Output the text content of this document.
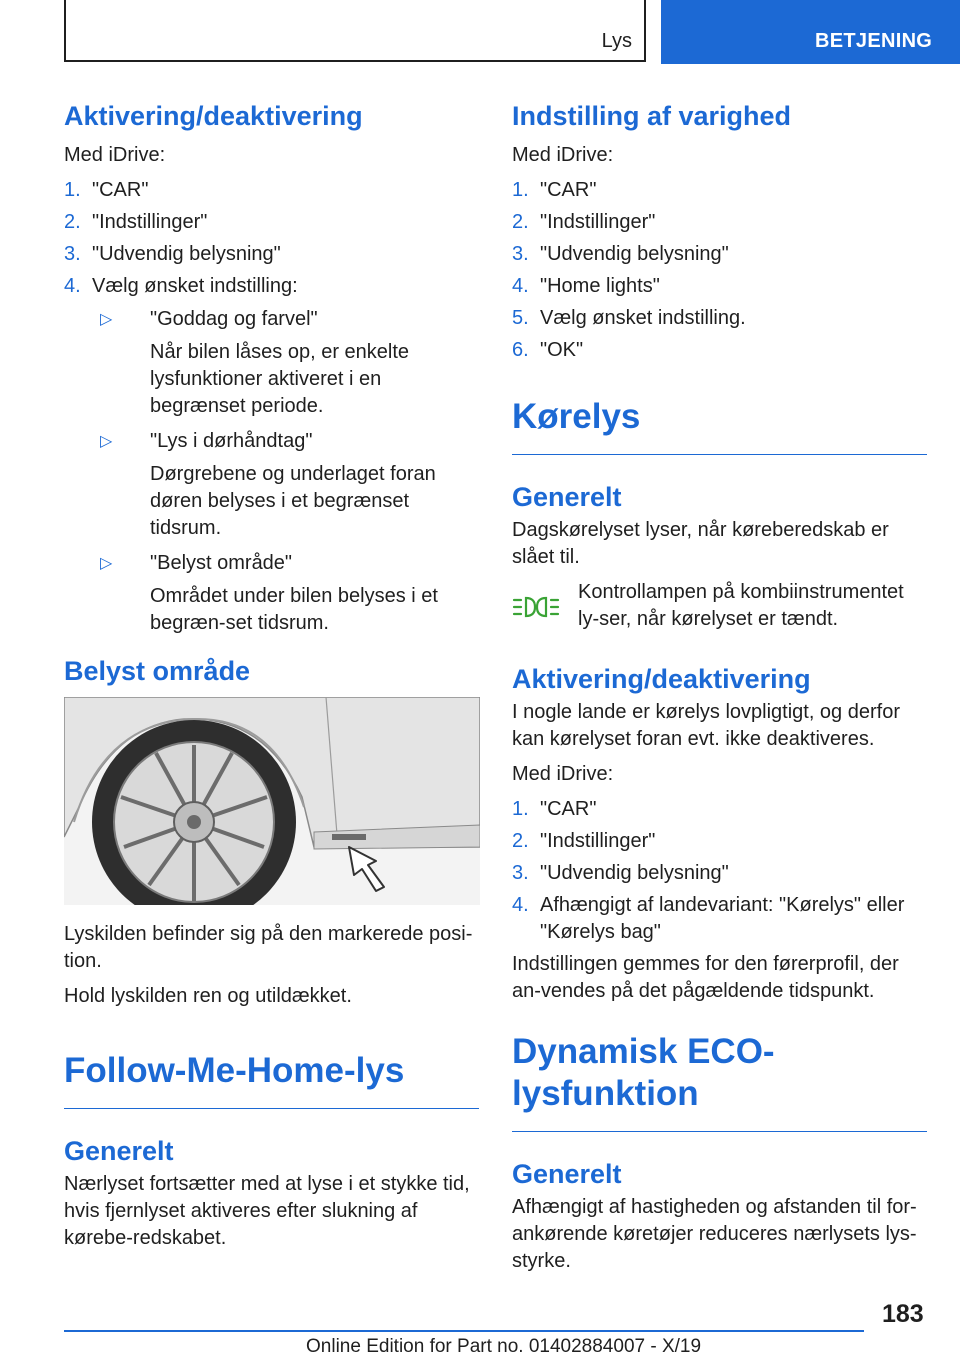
Lys	BETJENING
Aktivering/deaktivering

Med iDrive:

1. "CAR"
2. "Indstillinger"
3. "Udvendig belysning"
4. Vælg ønsket indstilling:
▷ "Goddag og farvel"
Når bilen låses op, er enkelte lysfunktioner aktiveret i en begrænset periode.
▷ "Lys i dørhåndtag"
Dørgrebene og underlaget foran døren belyses i et begrænset tidsrum.
▷ "Belyst område"
Området under bilen belyses i et begræn-set tidsrum.
Belyst område

Lyskilden befinder sig på den markerede posi-tion.

Hold lyskilden ren og utildækket.

Follow-Me-Home-lys
Generelt

Nærlyset fortsætter med at lyse i et stykke tid, hvis fjernlyset aktiveres efter slukning af kørebe-redskabet.

Indstilling af varighed

Med iDrive:

1. "CAR"
2. "Indstillinger"
3. "Udvendig belysning"
4. "Home lights"
5. Vælg ønsket indstilling.
6. "OK"
Kørelys
Generelt

Dagskørelyset lyser, når køreberedskab er slået til.

Kontrollampen på kombiinstrumentet ly-ser, når kørelyset er tændt.
Aktivering/deaktivering

I nogle lande er kørelys lovpligtigt, og derfor kan kørelyset foran evt. ikke deaktiveres.

Med iDrive:

1. "CAR"
2. "Indstillinger"
3. "Udvendig belysning"
4. Afhængigt af landevariant: "Kørelys" eller "Kørelys bag"

Indstillingen gemmes for den førerprofil, der an-vendes på det pågældende tidspunkt.

Dynamisk ECO-lysfunktion
Generelt

Afhængigt af hastigheden og afstanden til for-ankørende køretøjer reduceres nærlysets lys-styrke.

183
Online Edition for Part no. 01402884007 - X/19
